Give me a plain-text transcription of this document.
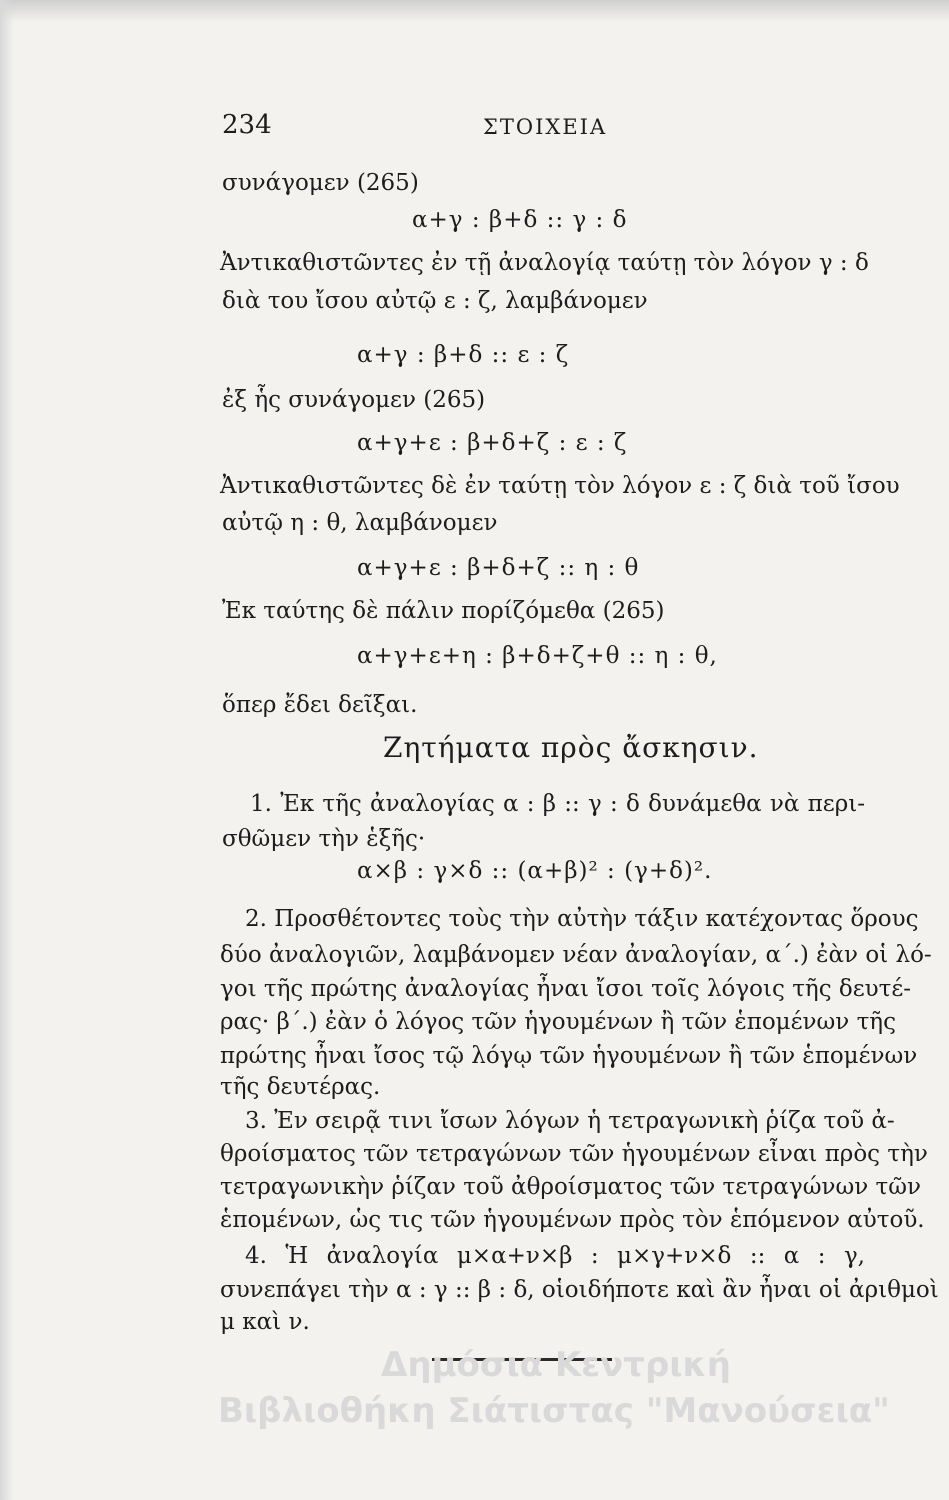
234	ΣΤΟΙΧΕΙΑ
συνάγομεν (265)
α+γ : β+δ :: γ : δ
Ἀντικαθιστῶντες ἐν τῇ ἀναλογίᾳ ταύτῃ τὸν λόγον γ : δ
διὰ του ἴσου αὐτῷ ε : ζ, λαμβάνομεν
α+γ : β+δ :: ε : ζ
ἐξ ἧς συνάγομεν (265)
α+γ+ε : β+δ+ζ : ε : ζ
Ἀντικαθιστῶντες δὲ ἐν ταύτῃ τὸν λόγον ε : ζ διὰ τοῦ ἴσου
αὐτῷ η : θ, λαμβάνομεν
α+γ+ε : β+δ+ζ :: η : θ
Ἐκ ταύτης δὲ πάλιν πορίζόμεθα (265)
α+γ+ε+η : β+δ+ζ+θ :: η : θ,
ὅπερ ἔδει δεῖξαι.
Ζητήματα πρὸς ἄσκησιν.
1. Ἐκ τῆς ἀναλογίας α : β :: γ : δ δυνάμεθα νὰ περι-
σθῶμεν τὴν ἑξῆς·
α×β : γ×δ :: (α+β)² : (γ+δ)².
2. Προσθέτοντες τοὺς τὴν αὐτὴν τάξιν κατέχοντας ὅρους
δύο ἀναλογιῶν, λαμβάνομεν νέαν ἀναλογίαν, α΄.) ἐὰν οἱ λό-
γοι τῆς πρώτης ἀναλογίας ἦναι ἴσοι τοῖς λόγοις τῆς δευτέ-
ρας· β΄.) ἐὰν ὁ λόγος τῶν ἡγουμένων ἢ τῶν ἑπομένων τῆς
πρώτης ἦναι ἴσος τῷ λόγῳ τῶν ἡγουμένων ἢ τῶν ἑπομένων
τῆς δευτέρας.
3. Ἐν σειρᾷ τινι ἴσων λόγων ἡ τετραγωνικὴ ῥίζα τοῦ ἀ-
θροίσματος τῶν τετραγώνων τῶν ἡγουμένων εἶναι πρὸς τὴν
τετραγωνικὴν ῥίζαν τοῦ ἀθροίσματος τῶν τετραγώνων τῶν
ἑπομένων, ὡς τις τῶν ἡγουμένων πρὸς τὸν ἑπόμενον αὐτοῦ.
4. Ἡ ἀναλογία μ×α+ν×β : μ×γ+ν×δ :: α : γ,
συνεπάγει τὴν α : γ :: β : δ, οἱοιδήποτε καὶ ἂν ἦναι οἱ ἀριθμοὶ
μ καὶ ν.
Δημόσια Κεντρική
Βιβλιοθήκη Σιάτιστας "Μανούσεια"
